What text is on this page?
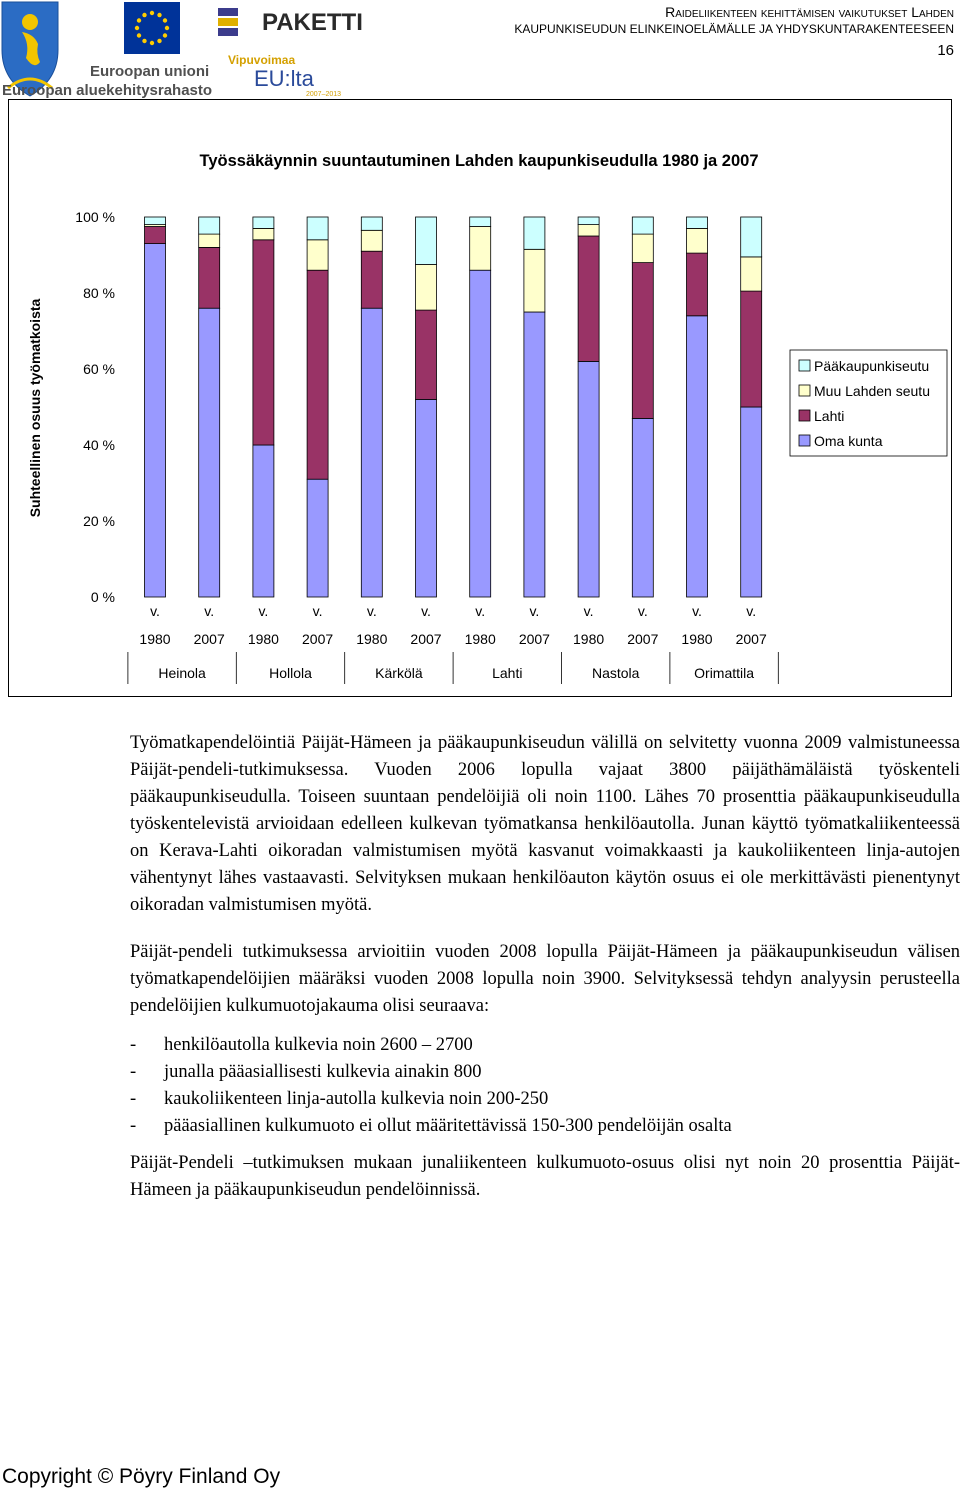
Euroopan unioni
Euroopan aluekehitysrahasto
PAKETTI
Vipuvoimaa
EU:lta
2007–2013
Raideliikenteen kehittämisen vaikutukset Lahden
KAUPUNKISEUDUN ELINKEINOELÄMÄLLE JA YHDYSKUNTARAKENTEESEEN
16
Työssäkäynnin suuntautuminen Lahden kaupunkiseudulla 1980 ja 2007
Suhteellinen osuus työmatkoista
0 %
20 %
40 %
60 %
80 %
100 %
v.
1980
v.
2007
v.
1980
v.
2007
v.
1980
v.
2007
v.
1980
v.
2007
v.
1980
v.
2007
v.
1980
v.
2007
Heinola	Hollola	Kärkölä	Lahti	Nastola	Orimattila
Pääkaupunkiseutu
Muu Lahden seutu
Lahti
Oma kunta

Työmatkapendelöintiä Päijät-Hämeen ja pääkaupunkiseudun välillä on selvitetty vuonna 2009 valmistuneessa Päijät-pendeli-tutkimuksessa. Vuoden 2006 lopulla vajaat 3800 päijäthämäläistä työskenteli pääkaupunkiseudulla. Toiseen suuntaan pendelöijiä oli noin 1100. Lähes 70 prosenttia pääkaupunkiseudulla työskentelevistä arvioidaan edelleen kulkevan työmatkansa henkilöautolla. Junan käyttö työmatkaliikenteessä on Kerava-Lahti oikoradan valmistumisen myötä kasvanut voimakkaasti ja kaukoliikenteen linja-autojen vähentynyt lähes vastaavasti. Selvityksen mukaan henkilöauton käytön osuus ei ole merkittävästi pienentynyt oikoradan valmistumisen myötä.

Päijät-pendeli tutkimuksessa arvioitiin vuoden 2008 lopulla Päijät-Hämeen ja pääkaupunkiseudun välisen työmatkapendelöijien määräksi vuoden 2008 lopulla noin 3900. Selvityksessä tehdyn analyysin perusteella pendelöijien kulkumuotojakauma olisi seuraava:

- henkilöautolla kulkevia noin 2600 – 2700
- junalla pääasiallisesti kulkevia ainakin 800
- kaukoliikenteen linja-autolla kulkevia noin 200-250
- pääasiallinen kulkumuoto ei ollut määritettävissä 150-300 pendelöijän osalta

Päijät-Pendeli –tutkimuksen mukaan junaliikenteen kulkumuoto-osuus olisi nyt noin 20 prosenttia Päijät-Hämeen ja pääkaupunkiseudun pendelöinnissä.

Copyright © Pöyry Finland Oy
